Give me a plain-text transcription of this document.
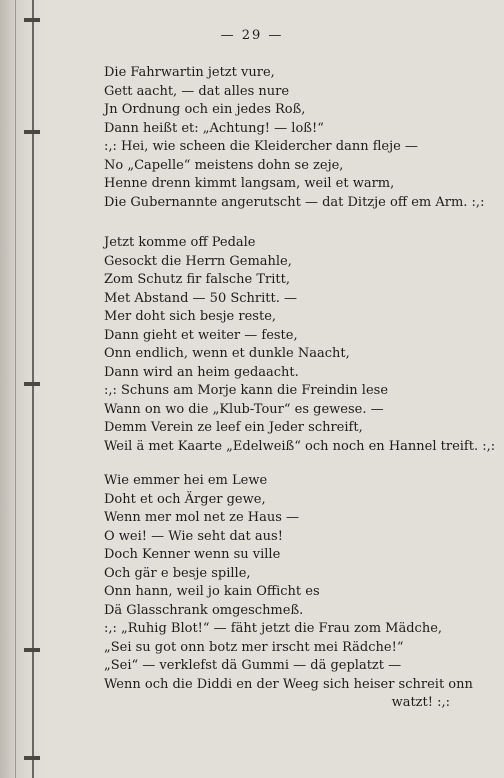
— 29 —
Die Fahrwartin jetzt vure,
Gett aacht, — dat alles nure
Jn Ordnung och ein jedes Roß,
Dann heißt et: „Achtung! — loß!“
:,: Hei, wie scheen die Kleidercher dann fleje —
No „Capelle“ meistens dohn se zeje,
Henne drenn kimmt langsam, weil et warm,
Die Gubernannte angerutscht — dat Ditzje off em Arm. :,:
Jetzt komme off Pedale
Gesockt die Herrn Gemahle,
Zom Schutz fir falsche Tritt,
Met Abstand — 50 Schritt. —
Mer doht sich besje reste,
Dann gieht et weiter — feste,
Onn endlich, wenn et dunkle Naacht,
Dann wird an heim gedaacht.
:,: Schuns am Morje kann die Freindin lese
Wann on wo die „Klub-Tour“ es gewese. —
Demm Verein ze leef ein Jeder schreift,
Weil ä met Kaarte „Edelweiß“ och noch en Hannel treift. :,:
Wie emmer hei em Lewe
Doht et och Ärger gewe,
Wenn mer mol net ze Haus —
O wei! — Wie seht dat aus!
Doch Kenner wenn su ville
Och gär e besje spille,
Onn hann, weil jo kain Officht es
Dä Glasschrank omgeschmeß.
:,: „Ruhig Blot!“ — fäht jetzt die Frau zom Mädche,
„Sei su got onn botz mer irscht mei Rädche!“
„Sei“ — verklefst dä Gummi — dä geplatzt —
Wenn och die Diddi en der Weeg sich heiser schreit onn
watzt! :,:
